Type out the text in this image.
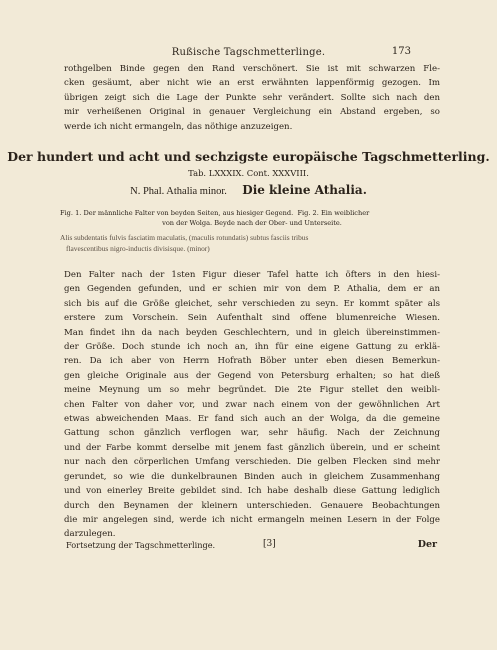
Rußische Tagschmetterlinge.	173
rothgelben Binde gegen den Rand verschönert. Sie ist mit schwarzen Fle-
cken gesäumt, aber nicht wie an erst erwähnten lappenförmig gezogen. Im
übrigen zeigt sich die Lage der Punkte sehr verändert. Sollte sich nach den
mir verheißenen Original in genauer Vergleichung ein Abstand ergeben, so
werde ich nicht ermangeln, das nöthige anzuzeigen.
Der hundert und acht und sechzigste europäische Tagschmetterling.
Tab. LXXXIX. Cont. XXXVIII.
N. Phal. Athalia minor. Die kleine Athalia.
Fig. 1.
Der männliche Falter von beyden Seiten, aus hiesiger Gegend.
Fig. 2.
Ein weiblicher
von der Wolga. Beyde nach der Ober- und Unterseite.
Alis subdentatis fulvis fasciatim maculatis, (maculis rotundatis) subtus fasciis tribus
flavescentibus nigro-inductis divisisque. (minor)
Den Falter nach der 1sten Figur dieser Tafel hatte ich öfters in den hiesi-
gen Gegenden gefunden, und er schien mir von dem P. Athalia, dem er an
sich bis auf die Größe gleichet, sehr verschieden zu seyn. Er kommt später als
erstere zum Vorschein. Sein Aufenthalt sind offene blumenreiche Wiesen.
Man findet ihn da nach beyden Geschlechtern, und in gleich übereinstimmen-
der Größe. Doch stunde ich noch an, ihn für eine eigene Gattung zu erklä-
ren. Da ich aber von Herrn Hofrath Böber unter eben diesen Bemerkun-
gen gleiche Originale aus der Gegend von Petersburg erhalten; so hat dieß
meine Meynung um so mehr begründet. Die 2te Figur stellet den weibli-
chen Falter von daher vor, und zwar nach einem von der gewöhnlichen Art
etwas abweichenden Maas. Er fand sich auch an der Wolga, da die gemeine
Gattung schon gänzlich verflogen war, sehr häufig. Nach der Zeichnung
und der Farbe kommt derselbe mit jenem fast gänzlich überein, und er scheint
nur nach den cörperlichen Umfang verschieden. Die gelben Flecken sind mehr
gerundet, so wie die dunkelbraunen Binden auch in gleichem Zusammenhang
und von einerley Breite gebildet sind. Ich habe deshalb diese Gattung lediglich
durch den Beynamen der kleinern unterschieden. Genauere Beobachtungen
die mir angelegen sind, werde ich nicht ermangeln meinen Lesern in der Folge
darzulegen.
Fortsetzung der Tagschmetterlinge.	[3]	Der
